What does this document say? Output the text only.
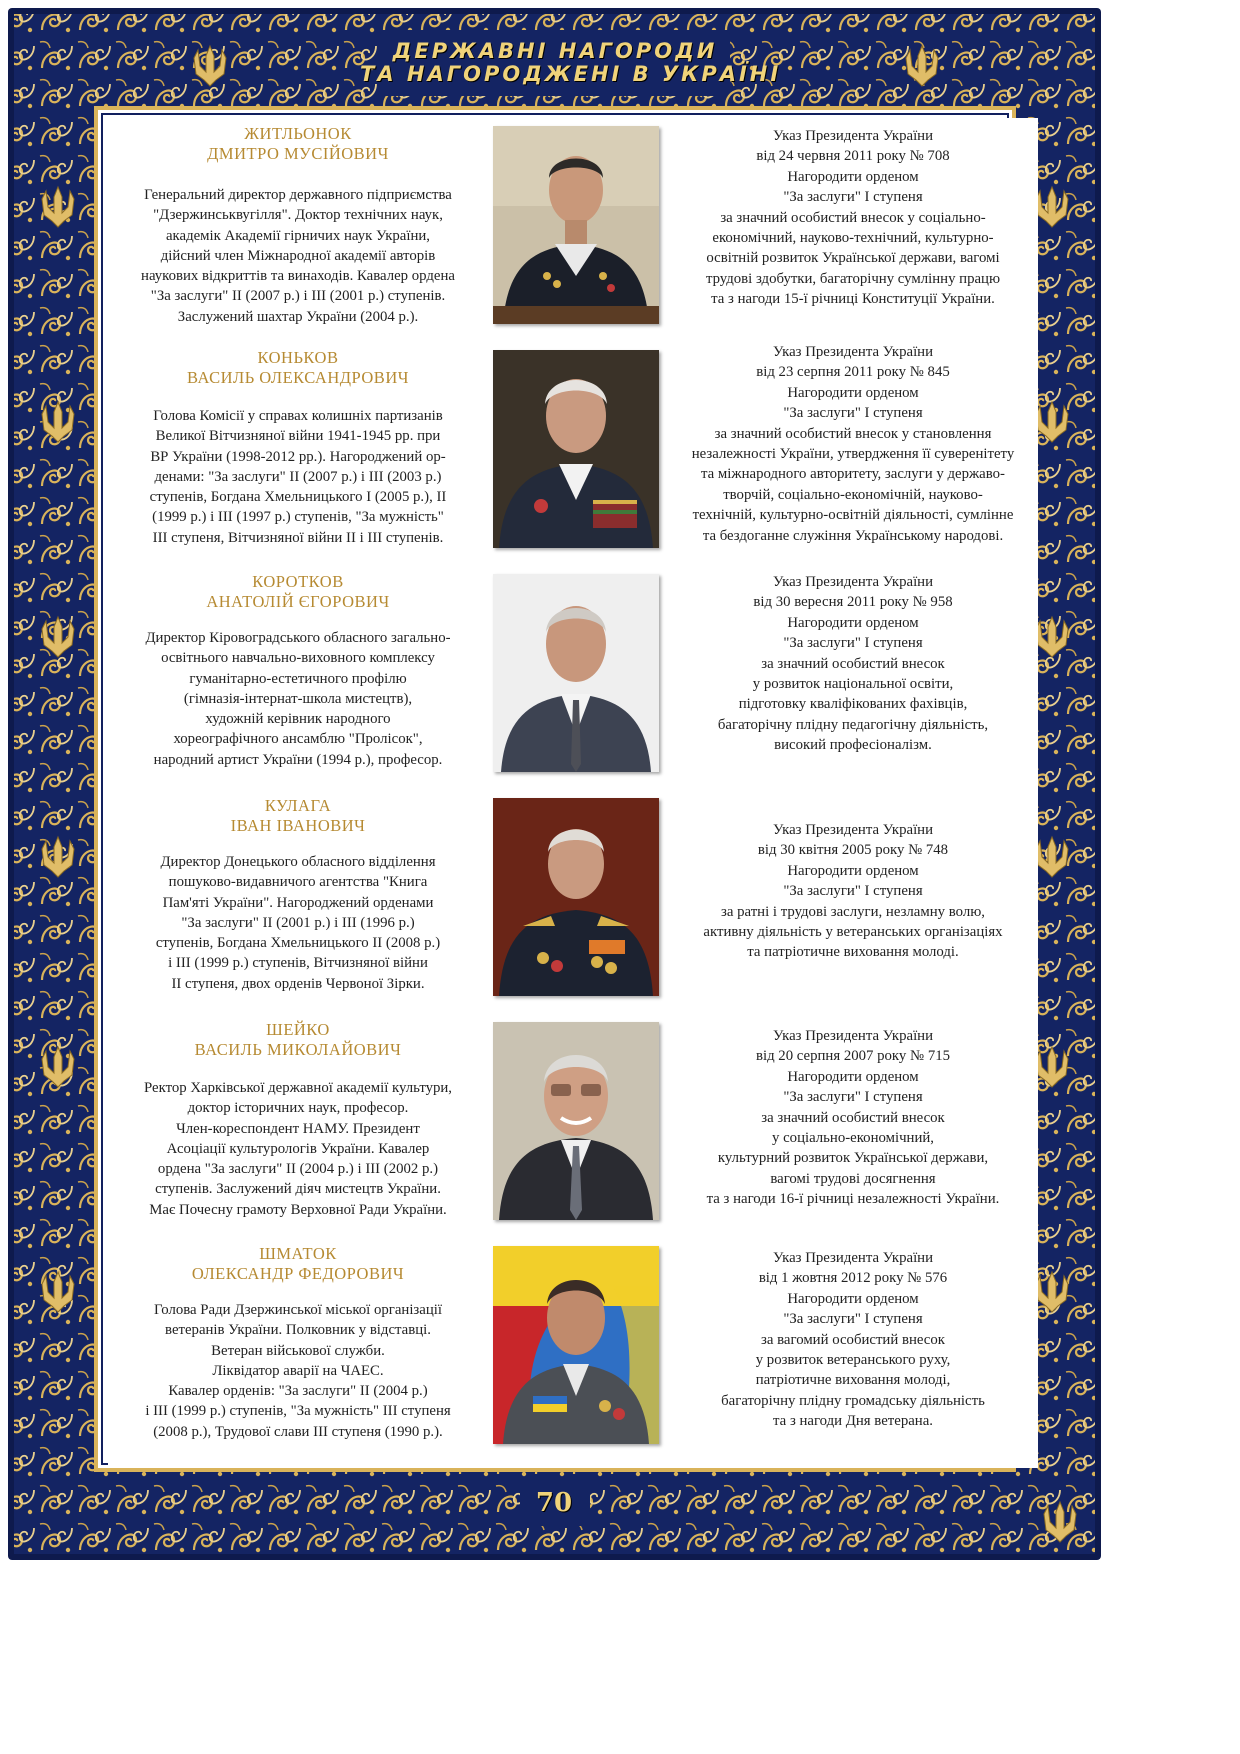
ДЕРЖАВНІ НАГОРОДИ
ТА НАГОРОДЖЕНІ В УКРАЇНІ
ЖИТЛЬОНОК
ДМИТРО МУСІЙОВИЧ
Генеральний директор державного підприємства
"Дзержинськвугілля". Доктор технічних наук,
академік Академії гірничих наук України,
дійсний член Міжнародної академії авторів
наукових відкриттів та винаходів. Кавалер ордена
"За заслуги" ІІ (2007 р.) і ІІІ (2001 р.) ступенів.
Заслужений шахтар України (2004 р.).
Указ Президента України
від 24 червня 2011 року № 708
Нагородити орденом
"За заслуги" І ступеня
за значний особистий внесок у соціально-
економічний, науково-технічний, культурно-
освітній розвиток Української держави, вагомі
трудові здобутки, багаторічну сумлінну працю
та з нагоди 15-ї річниці Конституції України.
КОНЬКОВ
ВАСИЛЬ ОЛЕКСАНДРОВИЧ
Голова Комісії у справах колишніх партизанів
Великої Вітчизняної війни 1941-1945 рр. при
ВР України (1998-2012 рр.). Нагороджений ор-
денами: "За заслуги" ІІ (2007 р.) і ІІІ (2003 р.)
ступенів, Богдана Хмельницького І (2005 р.), ІІ
(1999 р.) і ІІІ (1997 р.) ступенів, "За мужність"
ІІІ ступеня, Вітчизняної війни ІІ і ІІІ ступенів.
Указ Президента України
від 23 серпня 2011 року № 845
Нагородити орденом
"За заслуги" І ступеня
за значний особистий внесок у становлення
незалежності України, утвердження її суверенітету
та міжнародного авторитету, заслуги у державо-
творчій, соціально-економічній, науково-
технічній, культурно-освітній діяльності, сумлінне
та бездоганне служіння Українському народові.
КОРОТКОВ
АНАТОЛІЙ ЄГОРОВИЧ
Директор Кіровоградського обласного загально-
освітнього навчально-виховного комплексу
гуманітарно-естетичного профілю
(гімназія-інтернат-школа мистецтв),
художній керівник народного
хореографічного ансамблю "Пролісок",
народний артист України (1994 р.), професор.
Указ Президента України
від 30 вересня 2011 року № 958
Нагородити орденом
"За заслуги" І ступеня
за значний особистий внесок
у розвиток національної освіти,
підготовку кваліфікованих фахівців,
багаторічну плідну педагогічну діяльність,
високий професіоналізм.
КУЛАГА
ІВАН ІВАНОВИЧ
Директор Донецького обласного відділення
пошуково-видавничого агентства "Книга
Пам'яті України". Нагороджений орденами
"За заслуги" ІІ (2001 р.) і ІІІ (1996 р.)
ступенів, Богдана Хмельницького ІІ (2008 р.)
і ІІІ (1999 р.) ступенів, Вітчизняної війни
ІІ ступеня, двох орденів Червоної Зірки.
Указ Президента України
від 30 квітня 2005 року № 748
Нагородити орденом
"За заслуги" І ступеня
за ратні і трудові заслуги, незламну волю,
активну діяльність у ветеранських організаціях
та патріотичне виховання молоді.
ШЕЙКО
ВАСИЛЬ МИКОЛАЙОВИЧ
Ректор Харківської державної академії культури,
доктор історичних наук, професор.
Член-кореспондент НАМУ. Президент
Асоціації культурологів України. Кавалер
ордена "За заслуги" ІІ (2004 р.) і ІІІ (2002 р.)
ступенів. Заслужений діяч мистецтв України.
Має Почесну грамоту Верховної Ради України.
Указ Президента України
від 20 серпня 2007 року № 715
Нагородити орденом
"За заслуги" І ступеня
за значний особистий внесок
у соціально-економічний,
культурний розвиток Української держави,
вагомі трудові досягнення
та з нагоди 16-ї річниці незалежності України.
ШМАТОК
ОЛЕКСАНДР ФЕДОРОВИЧ
Голова Ради Дзержинської міської організації
ветеранів України. Полковник у відставці.
Ветеран військової служби.
Ліквідатор аварії на ЧАЕС.
Кавалер орденів: "За заслуги" ІІ (2004 р.)
і ІІІ (1999 р.) ступенів, "За мужність" ІІІ ступеня
(2008 р.), Трудової слави ІІІ ступеня (1990 р.).
Указ Президента України
від 1 жовтня 2012 року № 576
Нагородити орденом
"За заслуги" І ступеня
за вагомий особистий внесок
у розвиток ветеранського руху,
патріотичне виховання молоді,
багаторічну плідну громадську діяльність
та з нагоди Дня ветерана.
70
